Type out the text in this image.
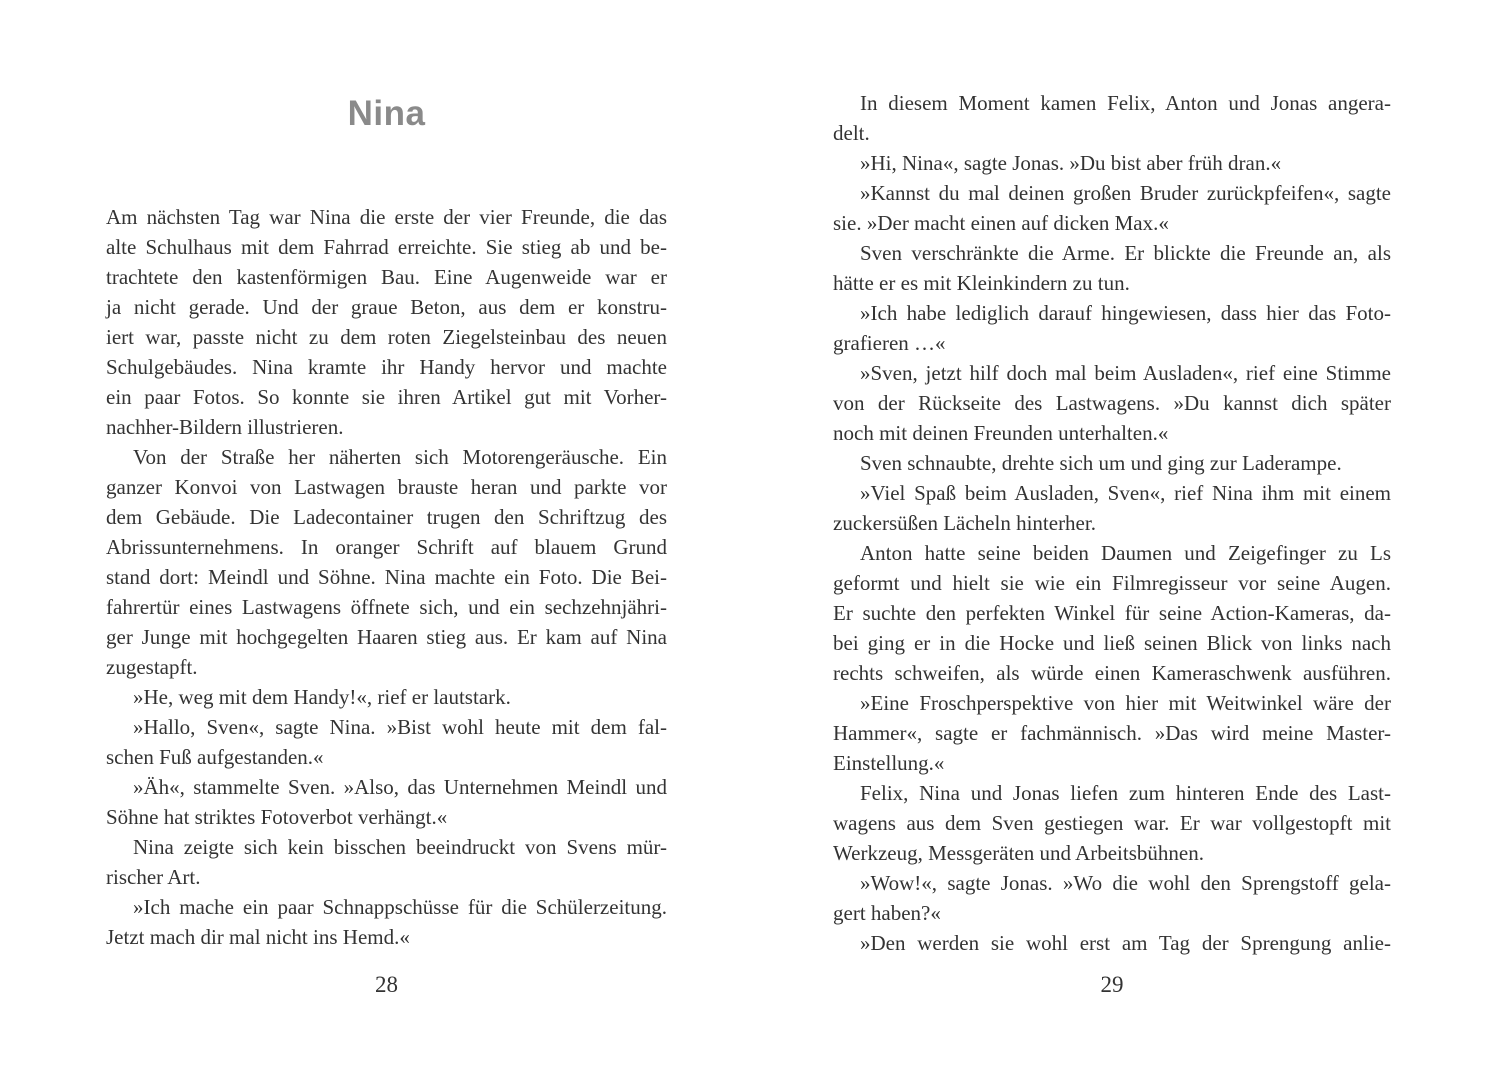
Nina
Am nächsten Tag war Nina die erste der vier Freunde, die das
alte Schulhaus mit dem Fahrrad erreichte. Sie stieg ab und be-
trachtete den kastenförmigen Bau. Eine Augenweide war er
ja nicht gerade. Und der graue Beton, aus dem er konstru-
iert war, passte nicht zu dem roten Ziegelsteinbau des neuen
Schulgebäudes. Nina kramte ihr Handy hervor und machte
ein paar Fotos. So konnte sie ihren Artikel gut mit Vorher-
nachher-Bildern illustrieren.
Von der Straße her näherten sich Motorengeräusche. Ein
ganzer Konvoi von Lastwagen brauste heran und parkte vor
dem Gebäude. Die Ladecontainer trugen den Schriftzug des
Abrissunternehmens. In oranger Schrift auf blauem Grund
stand dort: Meindl und Söhne. Nina machte ein Foto. Die Bei-
fahrertür eines Lastwagens öffnete sich, und ein sechzehnjähri-
ger Junge mit hochgegelten Haaren stieg aus. Er kam auf Nina
zugestapft.
»He, weg mit dem Handy!«, rief er lautstark.
»Hallo, Sven«, sagte Nina. »Bist wohl heute mit dem fal-
schen Fuß aufgestanden.«
»Äh«, stammelte Sven. »Also, das Unternehmen Meindl und
Söhne hat striktes Fotoverbot verhängt.«
Nina zeigte sich kein bisschen beeindruckt von Svens mür-
rischer Art.
»Ich mache ein paar Schnappschüsse für die Schülerzeitung.
Jetzt mach dir mal nicht ins Hemd.«
28
In diesem Moment kamen Felix, Anton und Jonas angera-
delt.
»Hi, Nina«, sagte Jonas. »Du bist aber früh dran.«
»Kannst du mal deinen großen Bruder zurückpfeifen«, sagte
sie. »Der macht einen auf dicken Max.«
Sven verschränkte die Arme. Er blickte die Freunde an, als
hätte er es mit Kleinkindern zu tun.
»Ich habe lediglich darauf hingewiesen, dass hier das Foto-
grafieren …«
»Sven, jetzt hilf doch mal beim Ausladen«, rief eine Stimme
von der Rückseite des Lastwagens. »Du kannst dich später
noch mit deinen Freunden unterhalten.«
Sven schnaubte, drehte sich um und ging zur Laderampe.
»Viel Spaß beim Ausladen, Sven«, rief Nina ihm mit einem
zuckersüßen Lächeln hinterher.
Anton hatte seine beiden Daumen und Zeigefinger zu Ls
geformt und hielt sie wie ein Filmregisseur vor seine Augen.
Er suchte den perfekten Winkel für seine Action-Kameras, da-
bei ging er in die Hocke und ließ seinen Blick von links nach
rechts schweifen, als würde einen Kameraschwenk ausführen.
»Eine Froschperspektive von hier mit Weitwinkel wäre der
Hammer«, sagte er fachmännisch. »Das wird meine Master-
Einstellung.«
Felix, Nina und Jonas liefen zum hinteren Ende des Last-
wagens aus dem Sven gestiegen war. Er war vollgestopft mit
Werkzeug, Messgeräten und Arbeitsbühnen.
»Wow!«, sagte Jonas. »Wo die wohl den Sprengstoff gela-
gert haben?«
»Den werden sie wohl erst am Tag der Sprengung anlie-
29
